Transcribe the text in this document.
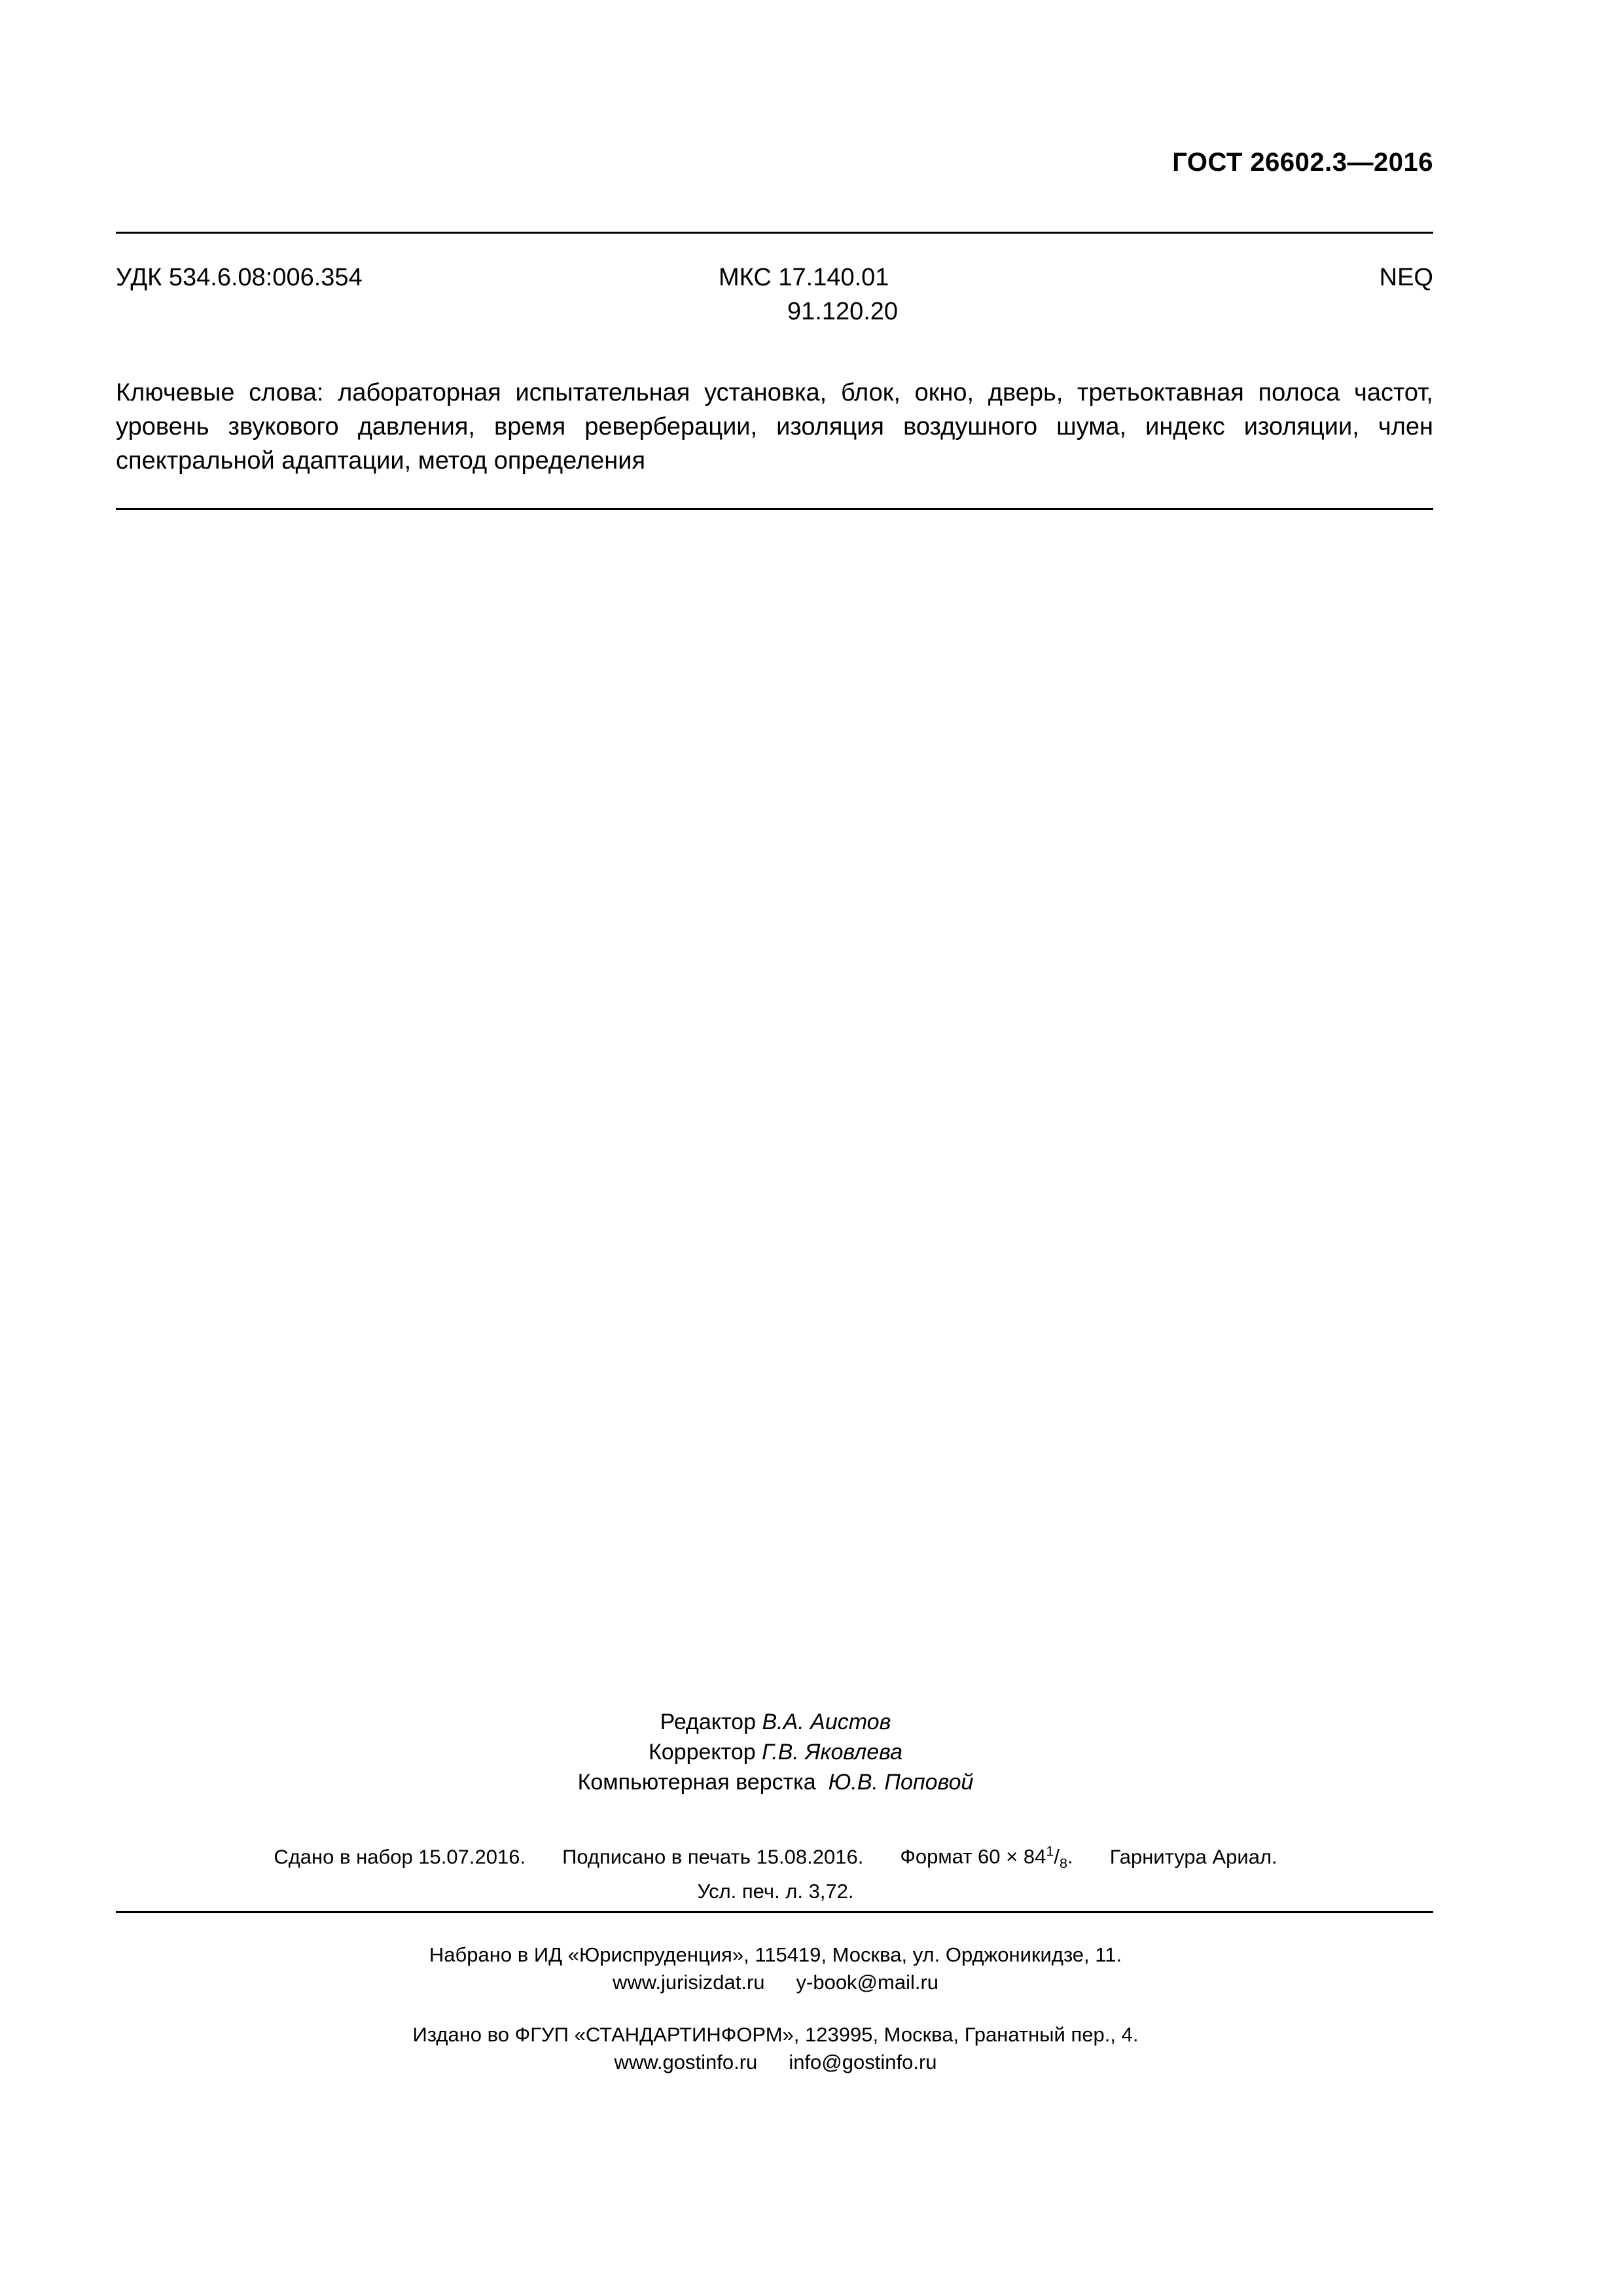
ГОСТ 26602.3—2016
УДК 534.6.08:006.354	МКС 17.140.01
91.120.20
NEQ
Ключевые слова: лабораторная испытательная установка, блок, окно, дверь, третьоктавная полоса частот, уровень звукового давления, время реверберации, изоляция воздушного шума, индекс изоляции, член спектральной адаптации, метод определения
Редактор В.А. Аистов
Корректор Г.В. Яковлева
Компьютерная верстка Ю.В. Поповой
Сдано в набор 15.07.2016. Подписано в печать 15.08.2016. Формат $60 \times 84^1/_8$. Гарнитура Ариал.
Усл. печ. л. 3,72.
Набрано в ИД «Юриспруденция», 115419, Москва, ул. Орджоникидзе, 11.
www.jurisizdat.ru y-book@mail.ru
Издано во ФГУП «СТАНДАРТИНФОРМ», 123995, Москва, Гранатный пер., 4.
www.gostinfo.ru info@gostinfo.ru
